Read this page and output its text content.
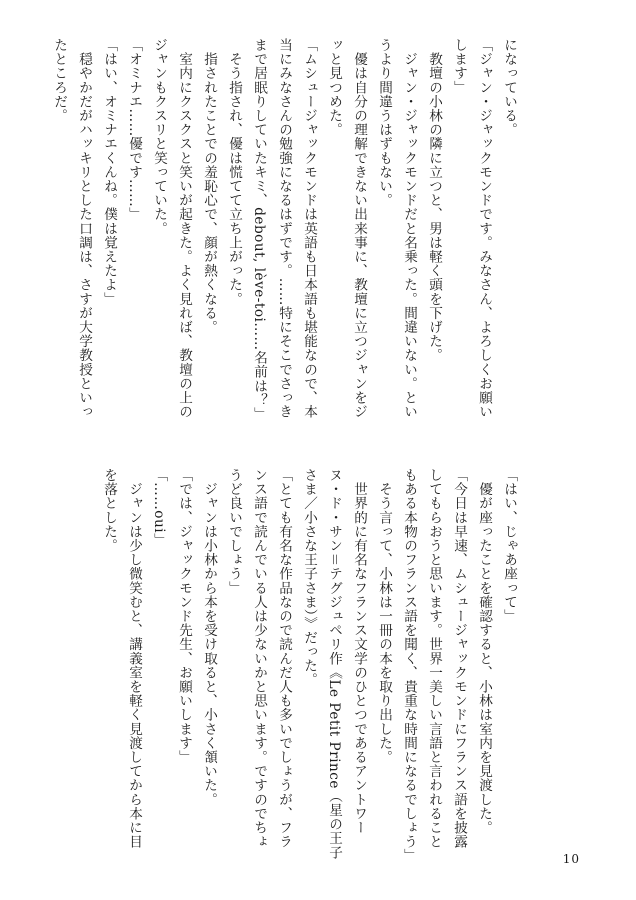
になっている。

「ジャン・ジャックモンドです。みなさん、よろしくお願いします」

　教壇の小林の隣に立つと、男は軽く頭を下げた。

　ジャン・ジャックモンドだと名乗った。間違いない。というより間違うはずもない。

　優は自分の理解できない出来事に、教壇に立つジャンをジッと見つめた。

「ムシュージャックモンドは英語も日本語も堪能なので、本当にみなさんの勉強になるはずです。……特にそこでさっきまで居眠りしていたキミ、debout, lève-toi……名前は？」

　そう指され、優は慌てて立ち上がった。

　指されたことでの羞恥心で、顔が熱くなる。

　室内にクスクスと笑いが起きた。よく見れば、教壇の上のジャンもクスリと笑っていた。

「オミナエ……優です……」

「はい、オミナエくんね。僕は覚えたよ」

　穏やかだがハッキリとした口調は、さすが大学教授といったところだ。

「はい、じゃあ座って」

　優が座ったことを確認すると、小林は室内を見渡した。

「今日は早速、ムシュージャックモンドにフランス語を披露してもらおうと思います。世界一美しい言語と言われることもある本物のフランス語を聞く、貴重な時間になるでしょう」

　そう言って、小林は一冊の本を取り出した。

　世界的に有名なフランス文学のひとつであるアントワーヌ・ド・サン＝テグジュペリ作《Le Petit Prince（星の王子さま／小さな王子さま）》だった。

「とても有名な作品なので読んだ人も多いでしょうが、フランス語で読んでいる人は少ないかと思います。ですのでちょうど良いでしょう」

　ジャンは小林から本を受け取ると、小さく頷いた。

「では、ジャックモンド先生、お願いします」

「……oui」

　ジャンは少し微笑むと、講義室を軽く見渡してから本に目を落とした。

10
